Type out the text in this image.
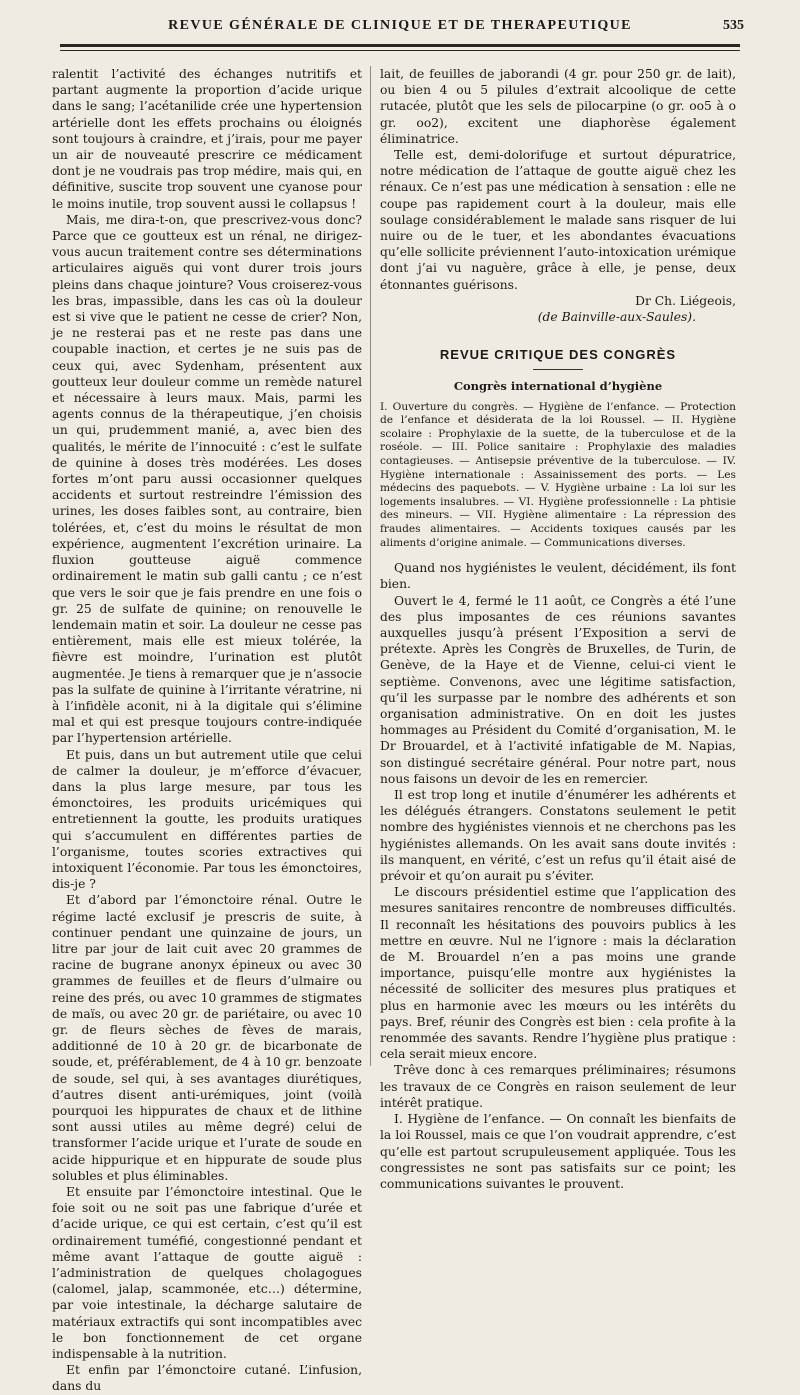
REVUE GÉNÉRALE DE CLINIQUE ET DE THERAPEUTIQUE	535

ralentit l’activité des échanges nutritifs et partant augmente la proportion d’acide urique dans le sang; l’acétanilide crée une hypertension artérielle dont les effets prochains ou éloignés sont toujours à craindre, et j’irais, pour me payer un air de nouveauté prescrire ce médicament dont je ne voudrais pas trop médire, mais qui, en définitive, suscite trop souvent une cyanose pour le moins inutile, trop souvent aussi le collapsus !

Mais, me dira-t-on, que prescrivez-vous donc? Parce que ce goutteux est un rénal, ne dirigez-vous aucun traitement contre ses déterminations articulaires aiguës qui vont durer trois jours pleins dans chaque jointure? Vous croiserez-vous les bras, impassible, dans les cas où la douleur est si vive que le patient ne cesse de crier? Non, je ne resterai pas et ne reste pas dans une coupable inaction, et certes je ne suis pas de ceux qui, avec Sydenham, présentent aux goutteux leur douleur comme un remède naturel et nécessaire à leurs maux. Mais, parmi les agents connus de la thérapeutique, j’en choisis un qui, prudemment manié, a, avec bien des qualités, le mérite de l’innocuité : c’est le sulfate de quinine à doses très modérées. Les doses fortes m’ont paru aussi occasionner quelques accidents et surtout restreindre l’émission des urines, les doses faibles sont, au contraire, bien tolérées, et, c’est du moins le résultat de mon expérience, augmentent l’excrétion urinaire. La fluxion goutteuse aiguë commence ordinairement le matin sub galli cantu ; ce n’est que vers le soir que je fais prendre en une fois o gr. 25 de sulfate de quinine; on renouvelle le lendemain matin et soir. La douleur ne cesse pas entièrement, mais elle est mieux tolérée, la fièvre est moindre, l’urination est plutôt augmentée. Je tiens à remarquer que je n’associe pas la sulfate de quinine à l’irritante vératrine, ni à l’infidèle aconit, ni à la digitale qui s’élimine mal et qui est presque toujours contre-indiquée par l’hypertension artérielle.

Et puis, dans un but autrement utile que celui de calmer la douleur, je m’efforce d’évacuer, dans la plus large mesure, par tous les émonctoires, les produits uricémiques qui entretiennent la goutte, les produits uratiques qui s’accumulent en différentes parties de l’organisme, toutes scories extractives qui intoxiquent l’économie. Par tous les émonctoires, dis-je ?

Et d’abord par l’émonctoire rénal. Outre le régime lacté exclusif je prescris de suite, à continuer pendant une quinzaine de jours, un litre par jour de lait cuit avec 20 grammes de racine de bugrane anonyx épineux ou avec 30 grammes de feuilles et de fleurs d’ulmaire ou reine des prés, ou avec 10 grammes de stigmates de maïs, ou avec 20 gr. de pariétaire, ou avec 10 gr. de fleurs sèches de fèves de marais, additionné de 10 à 20 gr. de bicarbonate de soude, et, préférablement, de 4 à 10 gr. benzoate de soude, sel qui, à ses avantages diurétiques, d’autres disent anti-urémiques, joint (voilà pourquoi les hippurates de chaux et de lithine sont aussi utiles au même degré) celui de transformer l’acide urique et l’urate de soude en acide hippurique et en hippurate de soude plus solubles et plus éliminables.

Et ensuite par l’émonctoire intestinal. Que le foie soit ou ne soit pas une fabrique d’urée et d’acide urique, ce qui est certain, c’est qu’il est ordinairement tuméfié, congestionné pendant et même avant l’attaque de goutte aiguë : l’administration de quelques cholagogues (calomel, jalap, scammonée, etc…) détermine, par voie intestinale, la décharge salutaire de matériaux extractifs qui sont incompatibles avec le bon fonctionnement de cet organe indispensable à la nutrition.

Et enfin par l’émonctoire cutané. L’infusion, dans du

lait, de feuilles de jaborandi (4 gr. pour 250 gr. de lait), ou bien 4 ou 5 pilules d’extrait alcoolique de cette rutacée, plutôt que les sels de pilocarpine (o gr. oo5 à o gr. oo2), excitent une diaphorèse également éliminatrice.

Telle est, demi-dolorifuge et surtout dépuratrice, notre médication de l’attaque de goutte aiguë chez les rénaux. Ce n’est pas une médication à sensation : elle ne coupe pas rapidement court à la douleur, mais elle soulage considérablement le malade sans risquer de lui nuire ou de le tuer, et les abondantes évacuations qu’elle sollicite préviennent l’auto-intoxication urémique dont j’ai vu naguère, grâce à elle, je pense, deux étonnantes guérisons.

Dr Ch. Liégeois,

(de Bainville-aux-Saules).

REVUE CRITIQUE DES CONGRÈS
Congrès international d’hygiène

I. Ouverture du congrès. — Hygiène de l’enfance. — Protection de l’enfance et désiderata de la loi Roussel. — II. Hygiène scolaire : Prophylaxie de la suette, de la tuberculose et de la roséole. — III. Police sanitaire : Prophylaxie des maladies contagieuses. — Antisepsie préventive de la tuberculose. — IV. Hygiène internationale : Assainissement des ports. — Les médecins des paquebots. — V. Hygiène urbaine : La loi sur les logements insalubres. — VI. Hygiène professionnelle : La phtisie des mineurs. — VII. Hygiène alimentaire : La répression des fraudes alimentaires. — Accidents toxiques causés par les aliments d’origine animale. — Communications diverses.

Quand nos hygiénistes le veulent, décidément, ils font bien.

Ouvert le 4, fermé le 11 août, ce Congrès a été l’une des plus imposantes de ces réunions savantes auxquelles jusqu’à présent l’Exposition a servi de prétexte. Après les Congrès de Bruxelles, de Turin, de Genève, de la Haye et de Vienne, celui-ci vient le septième. Convenons, avec une légitime satisfaction, qu’il les surpasse par le nombre des adhérents et son organisation administrative. On en doit les justes hommages au Président du Comité d’organisation, M. le Dr Brouardel, et à l’activité infatigable de M. Napias, son distingué secrétaire général. Pour notre part, nous nous faisons un devoir de les en remercier.

Il est trop long et inutile d’énumérer les adhérents et les délégués étrangers. Constatons seulement le petit nombre des hygiénistes viennois et ne cherchons pas les hygiénistes allemands. On les avait sans doute invités : ils manquent, en vérité, c’est un refus qu’il était aisé de prévoir et qu’on aurait pu s’éviter.

Le discours présidentiel estime que l’application des mesures sanitaires rencontre de nombreuses difficultés. Il reconnaît les hésitations des pouvoirs publics à les mettre en œuvre. Nul ne l’ignore : mais la déclaration de M. Brouardel n’en a pas moins une grande importance, puisqu’elle montre aux hygiénistes la nécessité de solliciter des mesures plus pratiques et plus en harmonie avec les mœurs ou les intérêts du pays. Bref, réunir des Congrès est bien : cela profite à la renommée des savants. Rendre l’hygiène plus pratique : cela serait mieux encore.

Trêve donc à ces remarques préliminaires; résumons les travaux de ce Congrès en raison seulement de leur intérêt pratique.

I. Hygiène de l’enfance. — On connaît les bienfaits de la loi Roussel, mais ce que l’on voudrait apprendre, c’est qu’elle est partout scrupuleusement appliquée. Tous les congressistes ne sont pas satisfaits sur ce point; les communications suivantes le prouvent.
